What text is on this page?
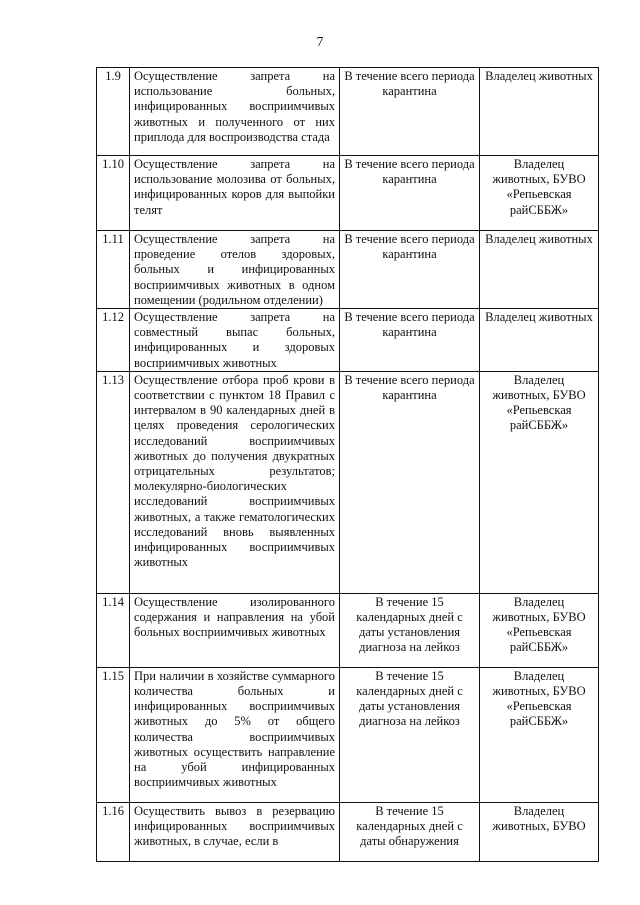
7
1.9	Осуществление запрета на использование больных, инфицированных восприимчивых животных и полученного от них приплода для воспроизводства стада	В течение всего периода карантина	Владелец животных
1.10	Осуществление запрета на использование молозива от больных, инфицированных коров для выпойки телят	В течение всего периода карантина	Владелец животных, БУВО «Репьевская райСББЖ»
1.11	Осуществление запрета на проведение отелов здоровых, больных и инфицированных восприимчивых животных в одном помещении (родильном отделении)	В течение всего периода карантина	Владелец животных
1.12	Осуществление запрета на совместный выпас больных, инфицированных и здоровых восприимчивых животных	В течение всего периода карантина	Владелец животных
1.13	Осуществление отбора проб крови в соответствии с пунктом 18 Правил с интервалом в 90 календарных дней в целях проведения серологических исследований восприимчивых животных до получения двукратных отрицательных результатов; молекулярно-биологических исследований восприимчивых животных, а также гематологических исследований вновь выявленных инфицированных восприимчивых животных	В течение всего периода карантина	Владелец животных, БУВО «Репьевская райСББЖ»
1.14	Осуществление изолированного содержания и направления на убой больных восприимчивых животных	В течение 15 календарных дней с даты установления диагноза на лейкоз	Владелец животных, БУВО «Репьевская райСББЖ»
1.15	При наличии в хозяйстве суммарного количества больных и инфицированных восприимчивых животных до 5% от общего количества восприимчивых животных осуществить направление на убой инфицированных восприимчивых животных	В течение 15 календарных дней с даты установления диагноза на лейкоз	Владелец животных, БУВО «Репьевская райСББЖ»
1.16	Осуществить вывоз в резервацию инфицированных восприимчивых животных, в случае, если в	В течение 15 календарных дней с даты обнаружения	Владелец животных, БУВО
